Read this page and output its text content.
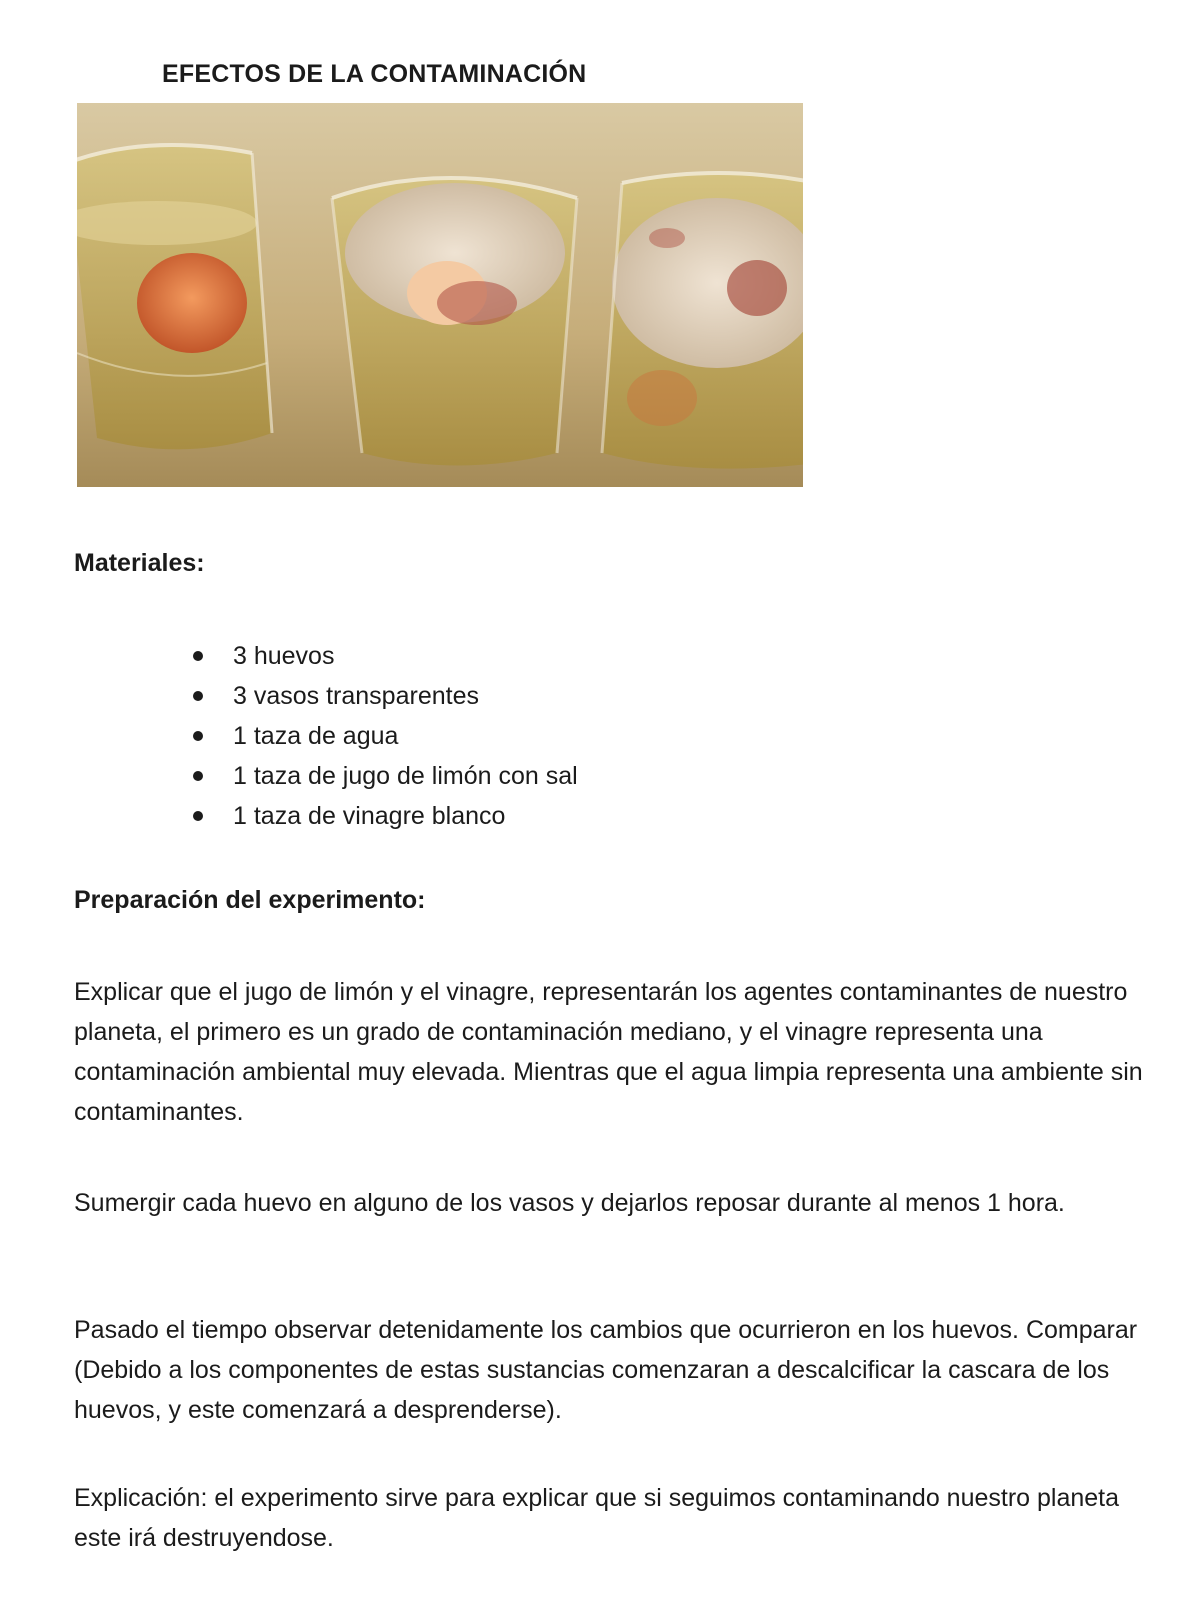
EFECTOS DE LA CONTAMINACIÓN
Materiales:
3 huevos
3 vasos transparentes
1 taza de agua
1 taza de jugo de limón con sal
1 taza de vinagre blanco
Preparación del experimento:

Explicar que el jugo de limón y el vinagre, representarán los agentes contaminantes de nuestro planeta, el primero es un grado de contaminación mediano, y el vinagre representa una contaminación ambiental muy elevada. Mientras que el agua limpia representa una ambiente sin contaminantes.

Sumergir cada huevo en alguno de los vasos y dejarlos reposar durante al menos 1 hora.

Pasado el tiempo observar detenidamente los cambios que ocurrieron en los huevos. Comparar (Debido a los componentes de estas sustancias comenzaran a descalcificar la cascara de los huevos, y este comenzará a desprenderse).

Explicación: el experimento sirve para explicar que si seguimos contaminando nuestro planeta este irá destruyendose.
